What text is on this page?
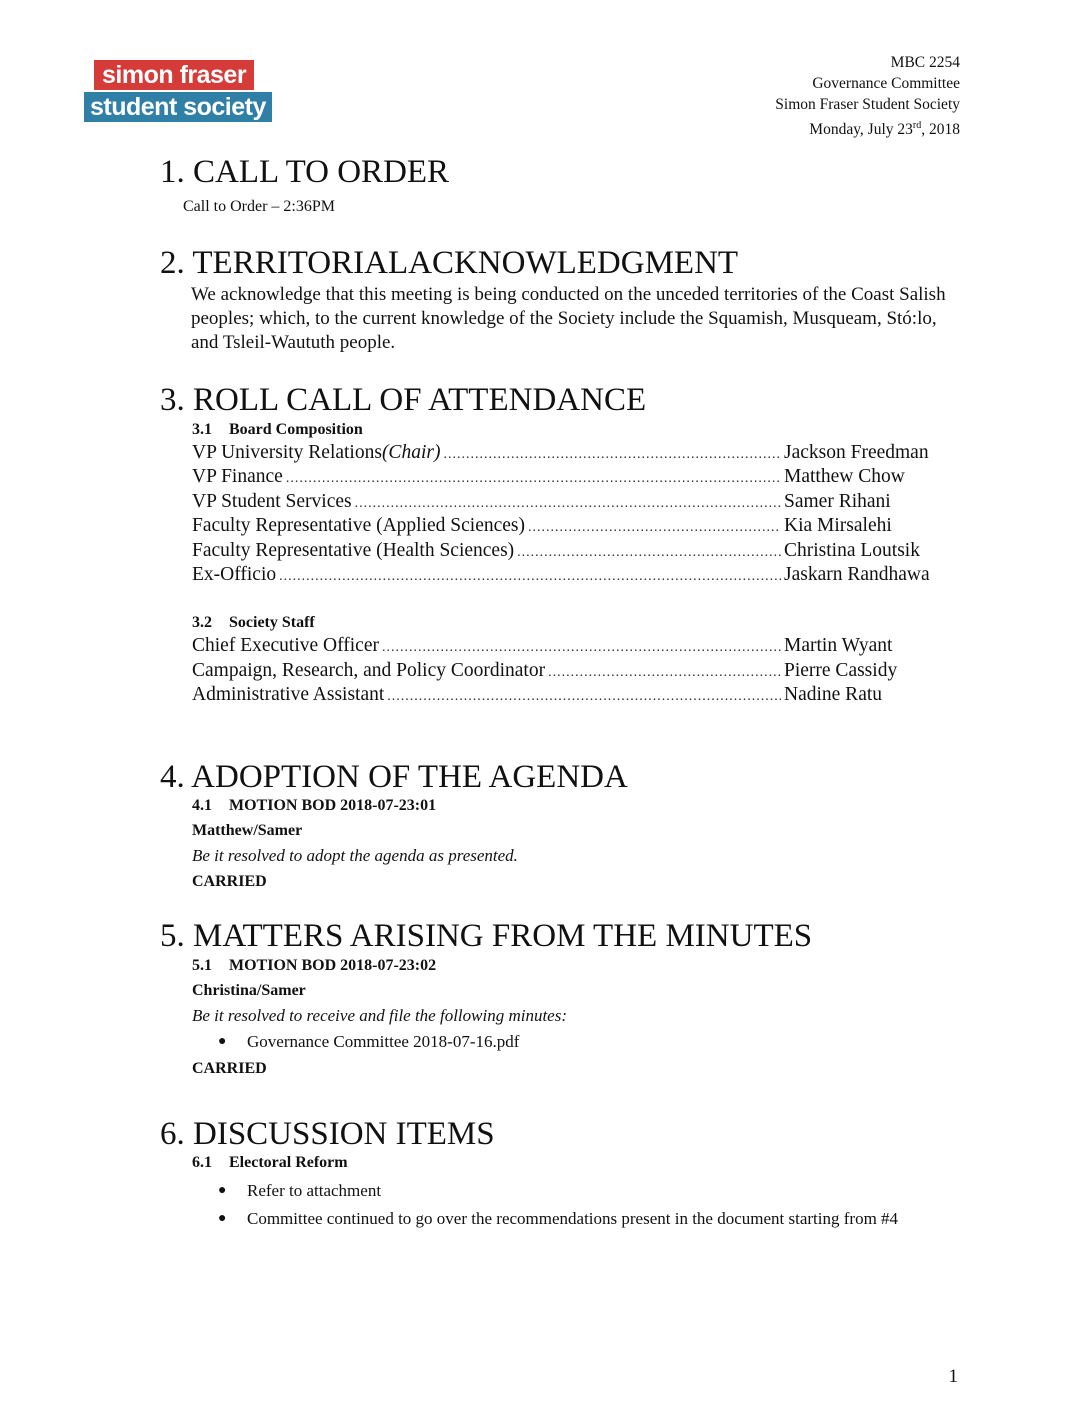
simon fraser
student society
MBC 2254
Governance Committee
Simon Fraser Student Society
Monday, July 23rd, 2018
1. CALL TO ORDER
Call to Order – 2:36PM
2. TERRITORIALACKNOWLEDGMENT
We acknowledge that this meeting is being conducted on the unceded territories of the Coast Salish peoples; which, to the current knowledge of the Society include the Squamish, Musqueam, Stó:lo, and Tsleil-Waututh people.
3. ROLL CALL OF ATTENDANCE
3.1 Board Composition
VP University Relations (Chair) .....	Jackson Freedman
VP Finance .....	Matthew Chow
VP Student Services .....	Samer Rihani
Faculty Representative (Applied Sciences) .....	Kia Mirsalehi
Faculty Representative (Health Sciences) .....	Christina Loutsik
Ex-Officio .....	Jaskarn Randhawa
3.2 Society Staff
Chief Executive Officer .....	Martin Wyant
Campaign, Research, and Policy Coordinator .....	Pierre Cassidy
Administrative Assistant .....	Nadine Ratu
4. ADOPTION OF THE AGENDA
4.1 MOTION BOD 2018-07-23:01
Matthew/Samer
Be it resolved to adopt the agenda as presented.
CARRIED
5. MATTERS ARISING FROM THE MINUTES
5.1 MOTION BOD 2018-07-23:02
Christina/Samer
Be it resolved to receive and file the following minutes:
●	Governance Committee 2018-07-16.pdf
CARRIED
6. DISCUSSION ITEMS
6.1 Electoral Reform
●	Refer to attachment
●	Committee continued to go over the recommendations present in the document starting from #4
1
